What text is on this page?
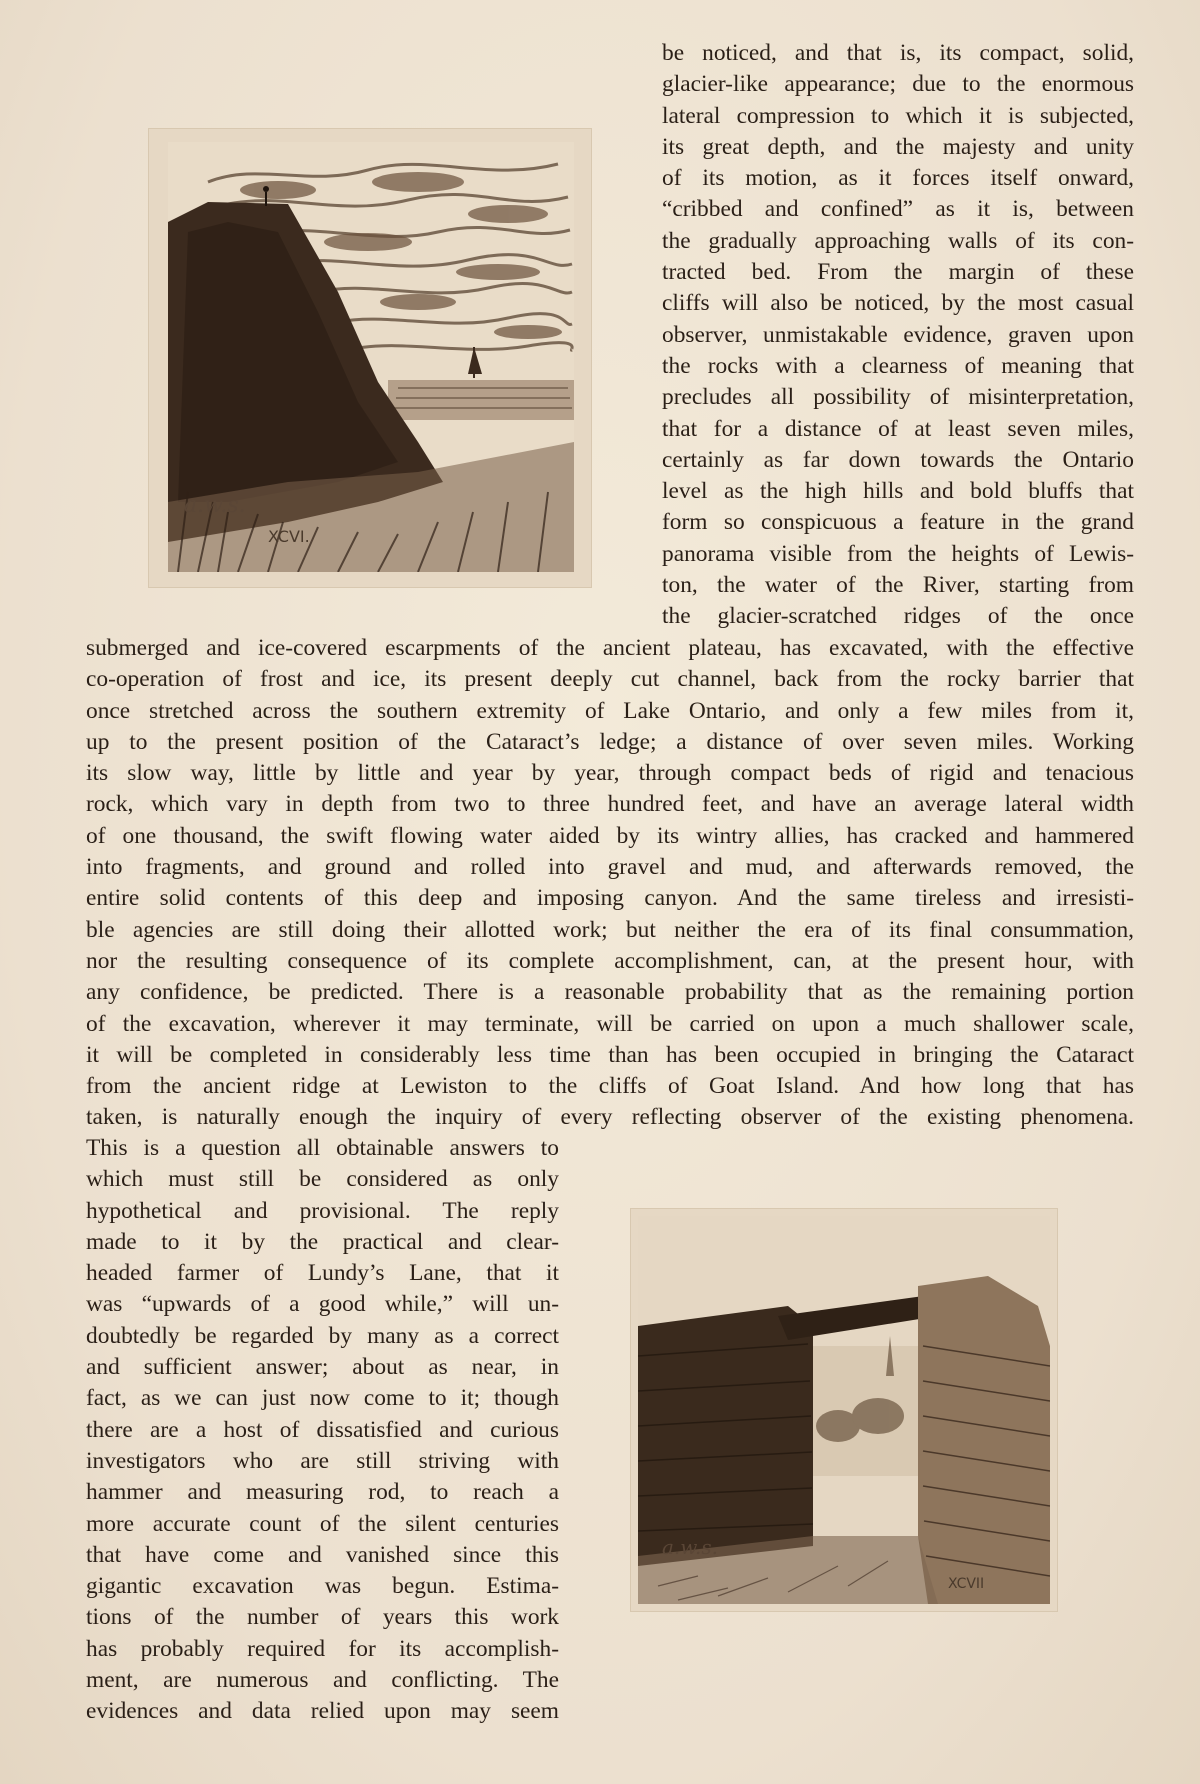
a.w.s.
XCVI.
be noticed, and that is, its compact, solid,
glacier-like appearance; due to the enormous
lateral compression to which it is subjected,
its great depth, and the majesty and unity
of its motion, as it forces itself onward,
“cribbed and confined” as it is, between
the gradually approaching walls of its con-
tracted bed. From the margin of these
cliffs will also be noticed, by the most casual
observer, unmistakable evidence, graven upon
the rocks with a clearness of meaning that
precludes all possibility of misinterpretation,
that for a distance of at least seven miles,
certainly as far down towards the Ontario
level as the high hills and bold bluffs that
form so conspicuous a feature in the grand
panorama visible from the heights of Lewis-
ton, the water of the River, starting from
the glacier-scratched ridges of the once
submerged and ice-covered escarpments of the ancient plateau, has excavated, with the effective
co-operation of frost and ice, its present deeply cut channel, back from the rocky barrier that
once stretched across the southern extremity of Lake Ontario, and only a few miles from it,
up to the present position of the Cataract’s ledge; a distance of over seven miles. Working
its slow way, little by little and year by year, through compact beds of rigid and tenacious
rock, which vary in depth from two to three hundred feet, and have an average lateral width
of one thousand, the swift flowing water aided by its wintry allies, has cracked and hammered
into fragments, and ground and rolled into gravel and mud, and afterwards removed, the
entire solid contents of this deep and imposing canyon. And the same tireless and irresisti-
ble agencies are still doing their allotted work; but neither the era of its final consummation,
nor the resulting consequence of its complete accomplishment, can, at the present hour, with
any confidence, be predicted. There is a reasonable probability that as the remaining portion
of the excavation, wherever it may terminate, will be carried on upon a much shallower scale,
it will be completed in considerably less time than has been occupied in bringing the Cataract
from the ancient ridge at Lewiston to the cliffs of Goat Island. And how long that has
taken, is naturally enough the inquiry of every reflecting observer of the existing phenomena.
This is a question all obtainable answers to
which must still be considered as only
hypothetical and provisional. The reply
made to it by the practical and clear-
headed farmer of Lundy’s Lane, that it
was “upwards of a good while,” will un-
doubtedly be regarded by many as a correct
and sufficient answer; about as near, in
fact, as we can just now come to it; though
there are a host of dissatisfied and curious
investigators who are still striving with
hammer and measuring rod, to reach a
more accurate count of the silent centuries
that have come and vanished since this
gigantic excavation was begun. Estima-
tions of the number of years this work
has probably required for its accomplish-
ment, are numerous and conflicting. The
evidences and data relied upon may seem
a.w.s.
XCVII
